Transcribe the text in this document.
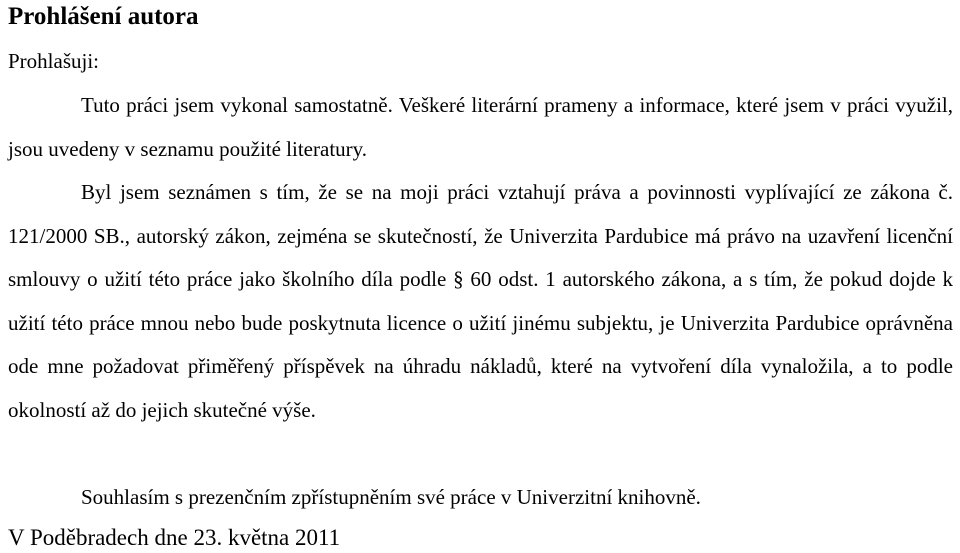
Prohlášení autora
Prohlašuji:

Tuto práci jsem vykonal samostatně. Veškeré literární prameny a informace, které jsem v práci využil, jsou uvedeny v seznamu použité literatury.

Byl jsem seznámen s tím, že se na moji práci vztahují práva a povinnosti vyplívající ze zákona č. 121/2000 SB., autorský zákon, zejména se skutečností, že Univerzita Pardubice má právo na uzavření licenční smlouvy o užití této práce jako školního díla podle § 60 odst. 1 autorského zákona, a s tím, že pokud dojde k užití této práce mnou nebo bude poskytnuta licence o užití jinému subjektu, je Univerzita Pardubice oprávněna ode mne požadovat přiměřený příspěvek na úhradu nákladů, které na vytvoření díla vynaložila, a to podle okolností až do jejich skutečné výše.

Souhlasím s prezenčním zpřístupněním své práce v Univerzitní knihovně.

V Poděbradech dne 23. května 2011
